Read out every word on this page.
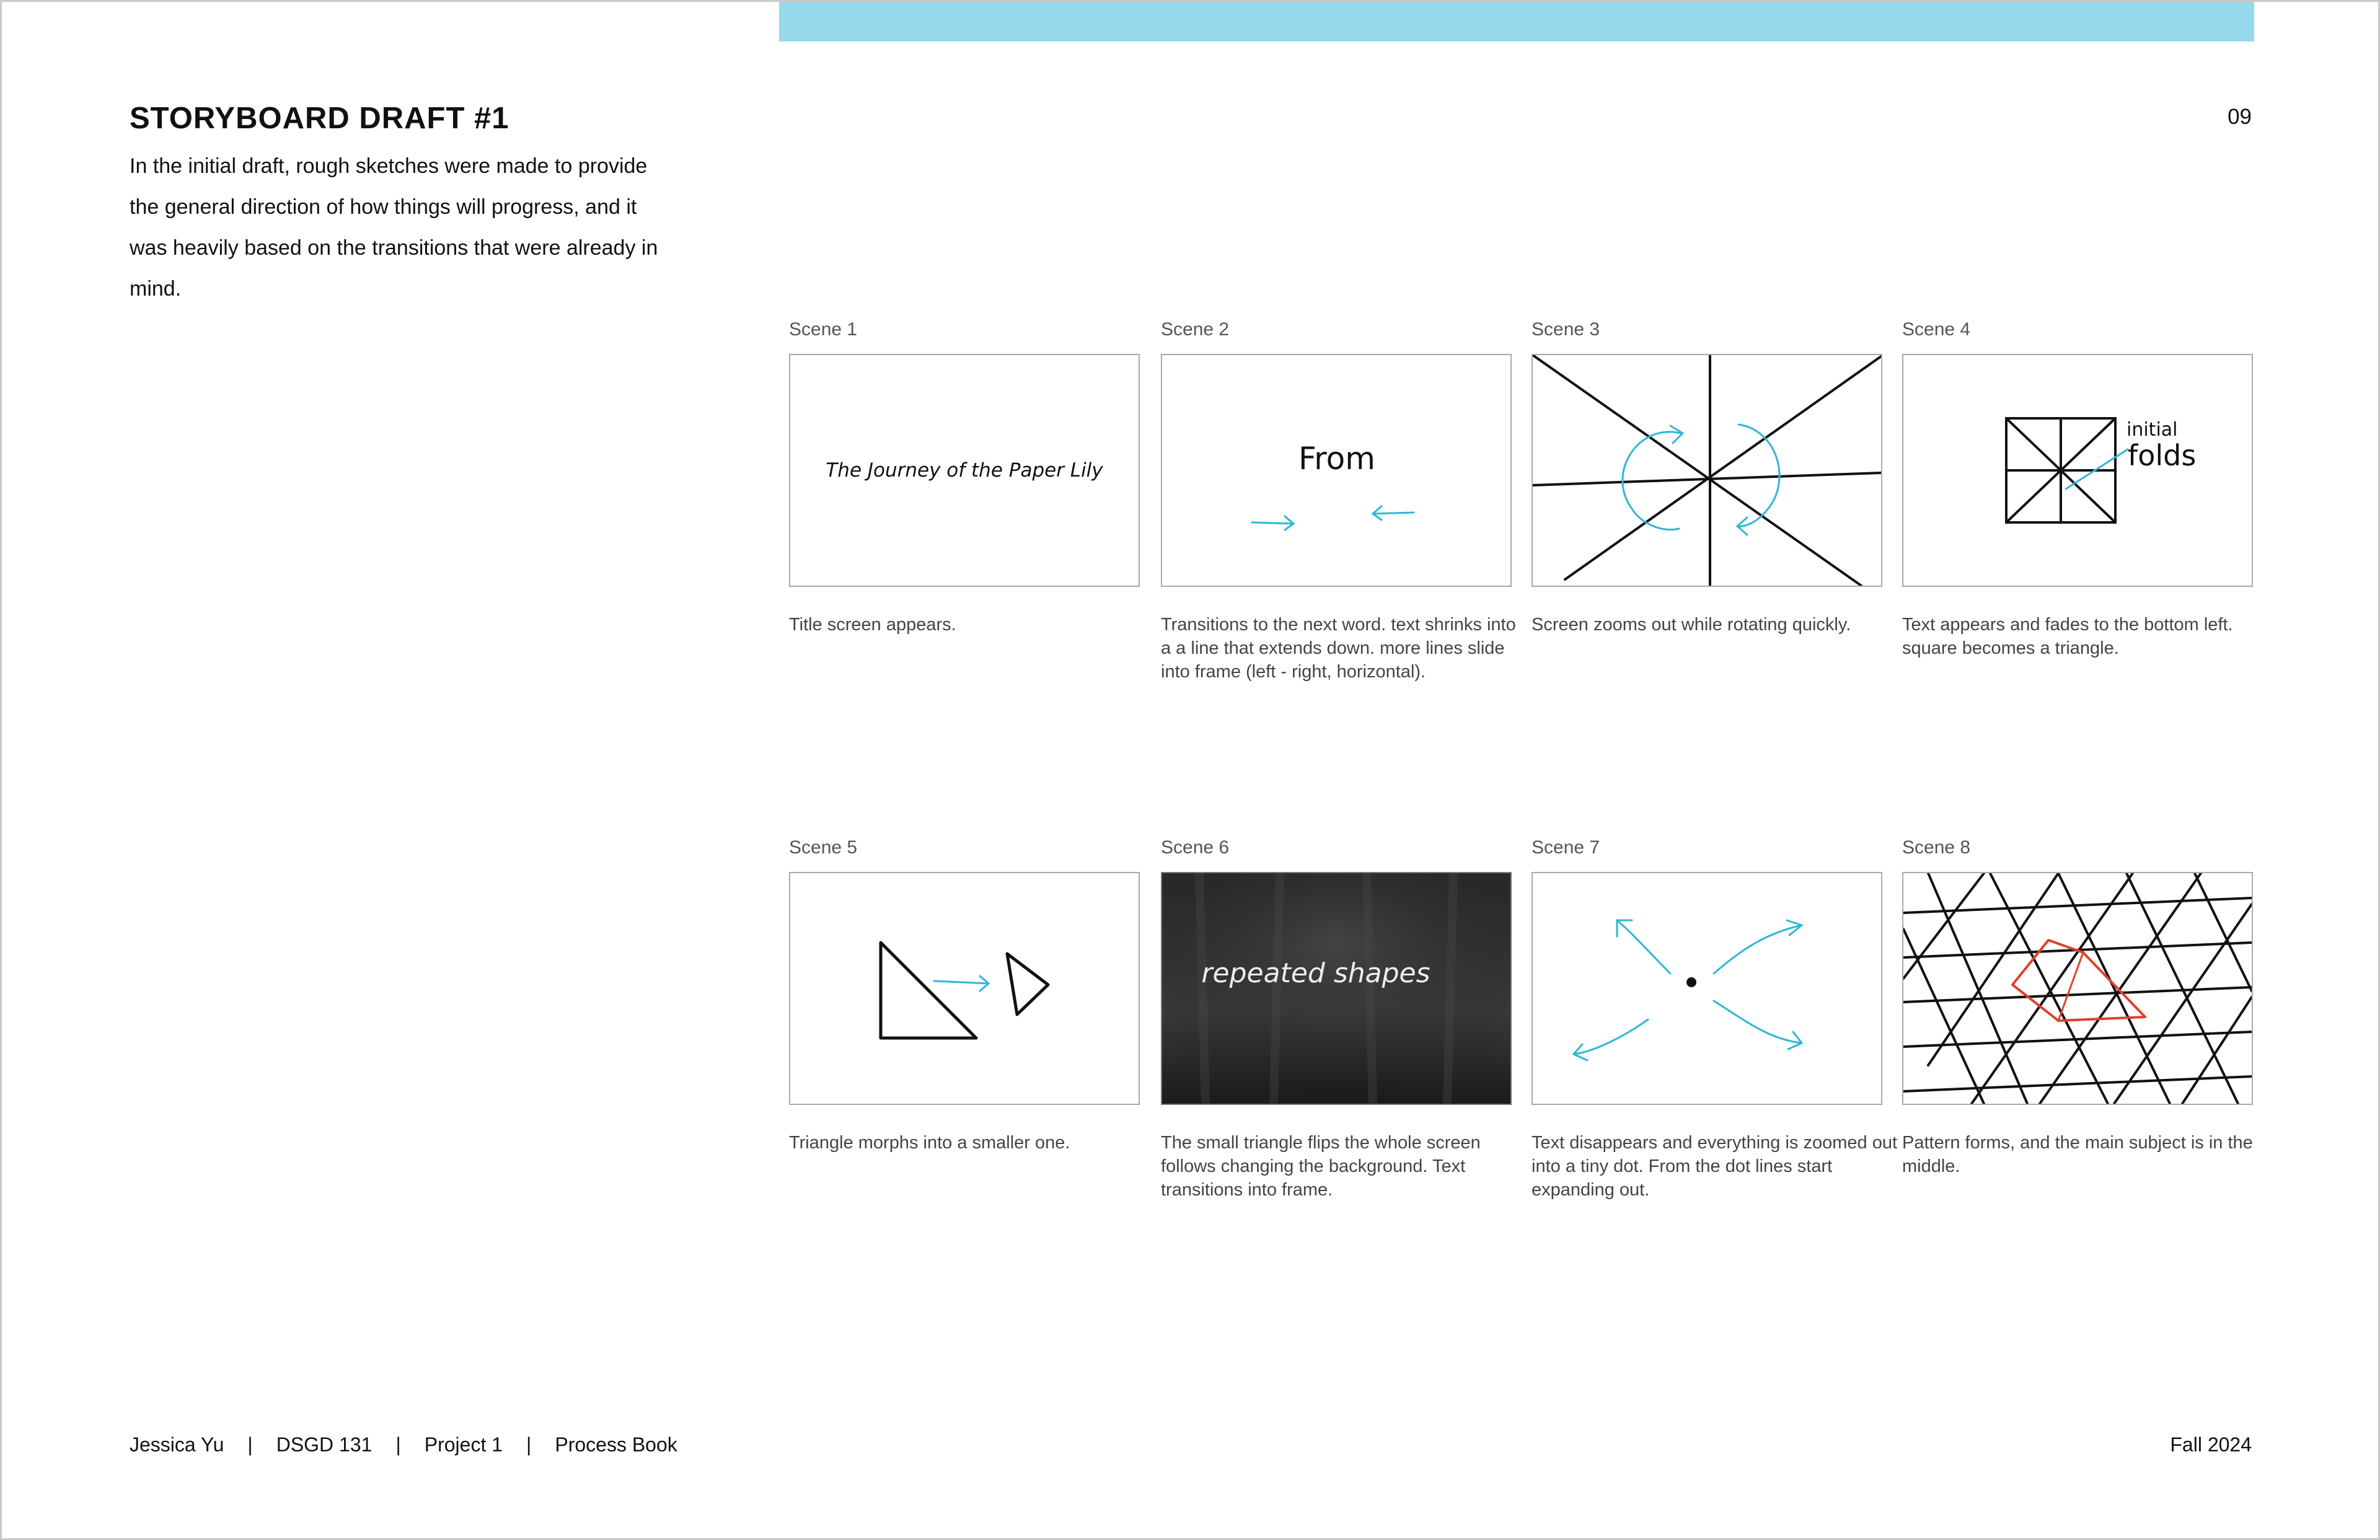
STORYBOARD DRAFT #1

In the initial draft, rough sketches were made to provide the general direction of how things will progress, and it was heavily based on the transitions that were already in mind.

09
Scene 1
The Journey of the Paper Lily
Title screen appears.
Scene 2
From
Transitions to the next word. text shrinks into a a line that extends down. more lines slide into frame (left - right, horizontal).
Scene 3
Screen zooms out while rotating quickly.
Scene 4
initial
folds
Text appears and fades to the bottom left. square becomes a triangle.
Scene 5
Triangle morphs into a smaller one.
Scene 6
repeated shapes
The small triangle flips the whole screen follows changing the background. Text transitions into frame.
Scene 7
Text disappears and everything is zoomed out into a tiny dot. From the dot lines start expanding out.
Scene 8
Pattern forms, and the main subject is in the middle.
Jessica Yu | DSGD 131 | Project 1 | Process Book	Fall 2024
